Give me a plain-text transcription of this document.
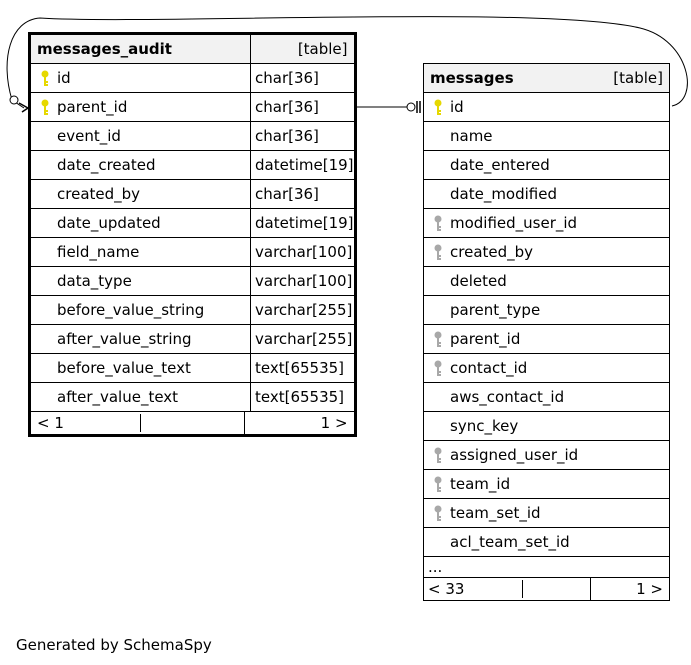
messages_audit	[table]

id	char[36]

parent_id	char[36]
event_id	char[36]
date_created	datetime[19]
created_by	char[36]
date_updated	datetime[19]
field_name	varchar[100]
data_type	varchar[100]
before_value_string	varchar[255]
after_value_string	varchar[255]
before_value_text	text[65535]
after_value_text	text[65535]

< 1 1 >	
messages	[table]

id
name
date_entered
date_modified

modified_user_id

created_by
deleted
parent_type

parent_id

contact_id
aws_contact_id
sync_key

assigned_user_id

team_id

team_set_id
acl_team_set_id
...

< 33	1 >
Generated by SchemaSpy
